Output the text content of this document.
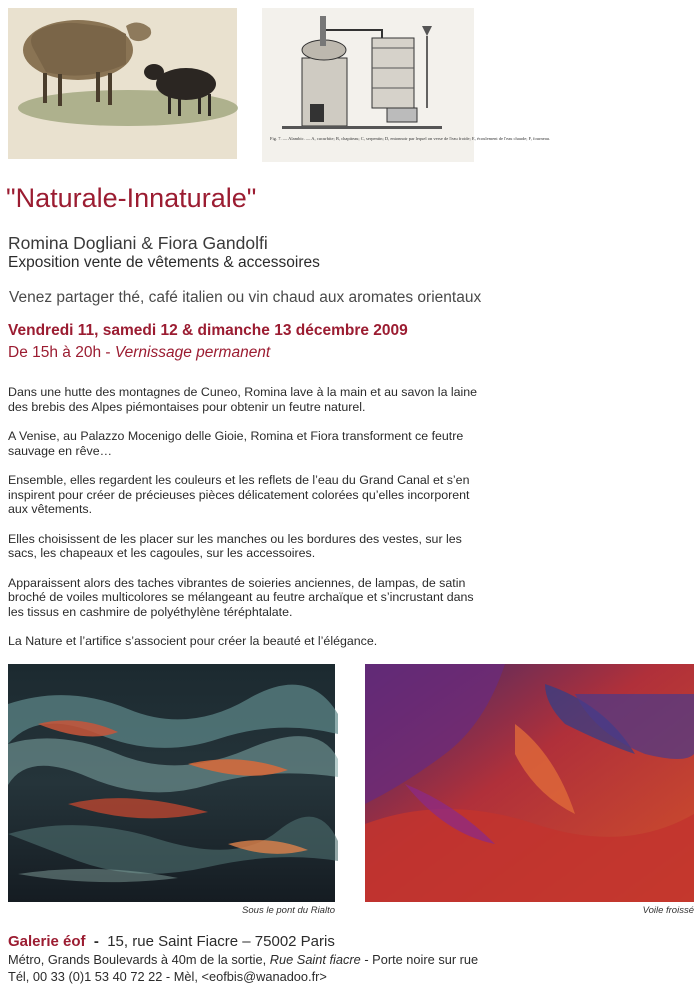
Fig. 7. — Alambic. — A, cucurbite; B, chapiteau; C, serpentin; D, entonnoir par lequel on verse de l'eau froide; E, écoulement de l'eau chaude; F, fourneau.
"Naturale-Innaturale"
Romina Dogliani & Fiora Gandolfi
Exposition vente de vêtements & accessoires
Venez partager thé, café italien ou vin chaud aux aromates orientaux
Vendredi 11, samedi 12 & dimanche 13 décembre 2009
De 15h à 20h - Vernissage permanent

Dans une hutte des montagnes de Cuneo, Romina lave à la main et au savon la laine des brebis des Alpes piémontaises pour obtenir un feutre naturel.

A Venise, au Palazzo Mocenigo delle Gioie, Romina et Fiora transforment ce feutre sauvage en rêve…

Ensemble, elles regardent les couleurs et les reflets de l’eau du Grand Canal et s’en inspirent pour créer de précieuses pièces délicatement colorées qu’elles incorporent aux vêtements.

Elles choisissent de les placer sur les manches ou les bordures des vestes, sur les sacs, les chapeaux et les cagoules, sur les accessoires.

Apparaissent alors des taches vibrantes de soieries anciennes, de lampas, de satin broché de voiles multicolores se mélangeant au feutre archaïque et s’incrustant dans les tissus en cashmire de polyéthylène téréphtalate.

La Nature et l’artifice s’associent pour créer la beauté et l’élégance.

Sous le pont du Rialto	Voile froissé
Galerie éof  -  15, rue Saint Fiacre – 75002 Paris
Métro, Grands Boulevards à 40m de la sortie, Rue Saint fiacre - Porte noire sur rue
Tél, 00 33 (0)1 53 40 72 22 - Mèl, <eofbis@wanadoo.fr>
